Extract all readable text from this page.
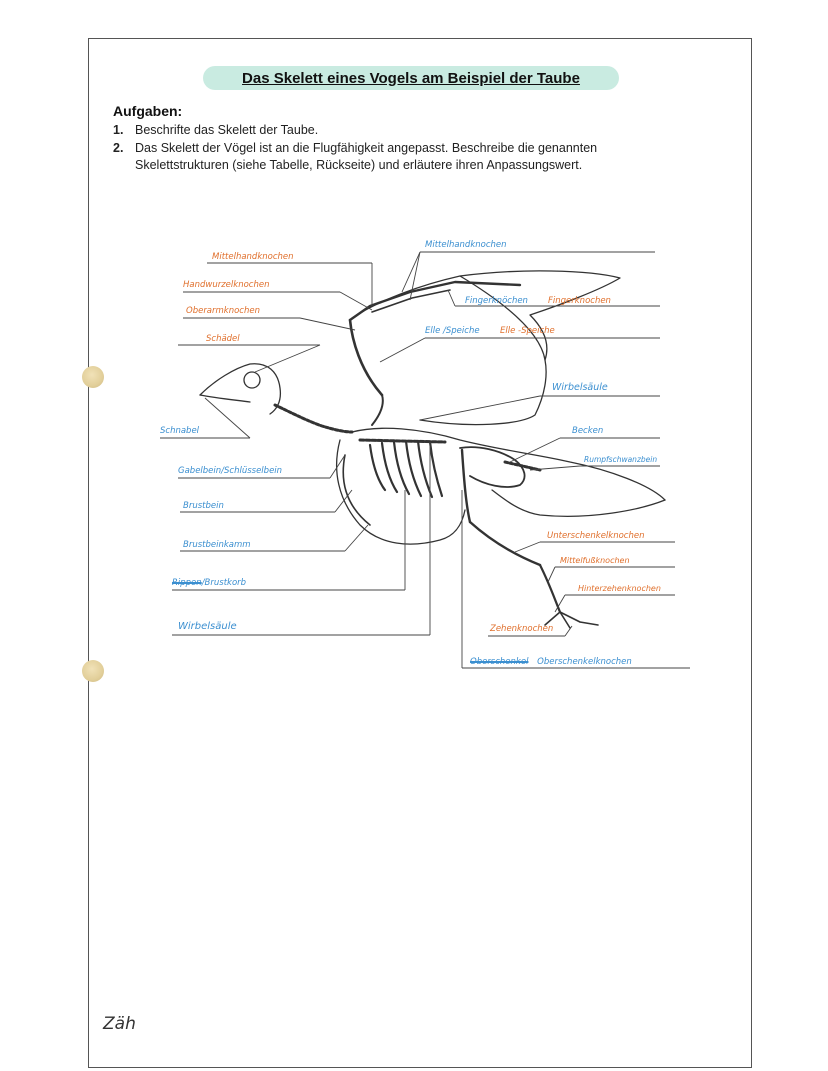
Das Skelett eines Vogels am Beispiel der Taube
Aufgaben:
1. Beschrifte das Skelett der Taube.
2. Das Skelett der Vögel ist an die Flugfähigkeit angepasst. Beschreibe die genannten
Skelettstrukturen (siehe Tabelle, Rückseite) und erläutere ihren Anpassungswert.
Mittelhandknochen
Handwurzelknochen
Oberarmknochen
Schädel
Schnabel
Gabelbein/Schlüsselbein
Brustbein
Brustbeinkamm
Rippen/Brustkorb
Wirbelsäule
Mittelhandknochen
Fingerknöchen Fingerknochen
Elle /Speiche Elle -Speiche
Wirbelsäule
Becken
Rumpfschwanzbein
Unterschenkelknochen
Mittelfußknochen
Hinterzehenknochen
Zehenknochen
Oberschenkel Oberschenkelknochen
Zäh
